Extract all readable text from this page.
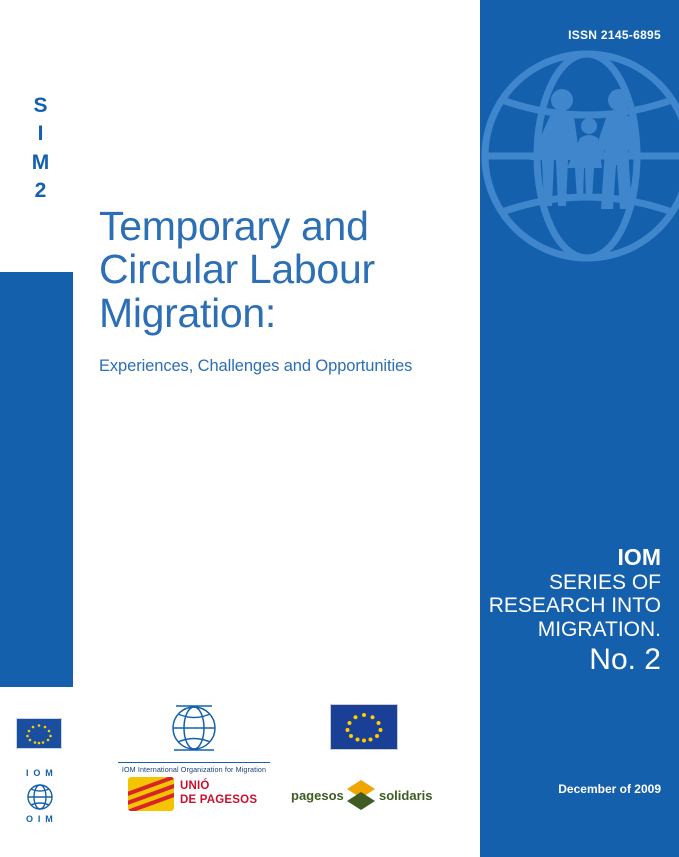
ISSN 2145-6895
IOM
SERIES OF
RESEARCH INTO
MIGRATION.
No. 2
December of 2009
S
I
M
2
Temporary and
Circular Labour
Migration:
Experiences, Challenges and Opportunities
I O M
O I M
IOM International Organization for Migration
UNIÓ
DE PAGESOS	pagesos	solidaris
